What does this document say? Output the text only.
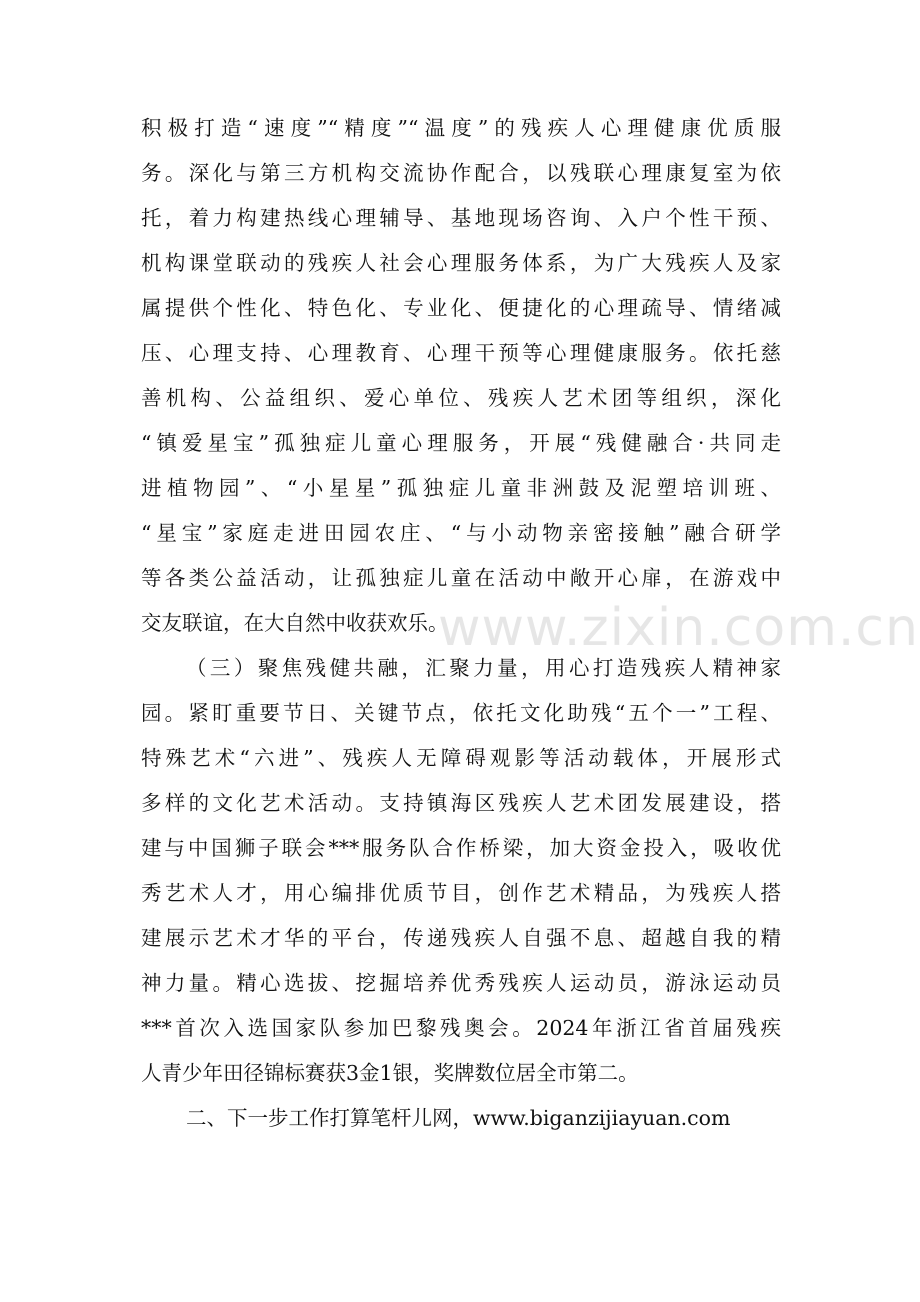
积极打造“速度”“精度”“温度”的残疾人心理健康优质服
务。深化与第三方机构交流协作配合，以残联心理康复室为依
托，着力构建热线心理辅导、基地现场咨询、入户个性干预、
机构课堂联动的残疾人社会心理服务体系，为广大残疾人及家
属提供个性化、特色化、专业化、便捷化的心理疏导、情绪减
压、心理支持、心理教育、心理干预等心理健康服务。依托慈
善机构、公益组织、爱心单位、残疾人艺术团等组织，深化
“镇爱星宝”孤独症儿童心理服务，开展“残健融合·共同走
进植物园”、“小星星”孤独症儿童非洲鼓及泥塑培训班、
“星宝”家庭走进田园农庄、“与小动物亲密接触”融合研学
等各类公益活动，让孤独症儿童在活动中敞开心扉，在游戏中
交友联谊，在大自然中收获欢乐。
（三）聚焦残健共融，汇聚力量，用心打造残疾人精神家
园。紧盯重要节日、关键节点，依托文化助残“五个一”工程、
特殊艺术“六进”、残疾人无障碍观影等活动载体，开展形式
多样的文化艺术活动。支持镇海区残疾人艺术团发展建设，搭
建与中国狮子联会***服务队合作桥梁，加大资金投入，吸收优
秀艺术人才，用心编排优质节目，创作艺术精品，为残疾人搭
建展示艺术才华的平台，传递残疾人自强不息、超越自我的精
神力量。精心选拔、挖掘培养优秀残疾人运动员，游泳运动员
***首次入选国家队参加巴黎残奥会。2024年浙江省首届残疾
人青少年田径锦标赛获3金1银，奖牌数位居全市第二。
二、下一步工作打算笔杆儿网，www.biganzijiayuan.com
www.zixin.com.cn
